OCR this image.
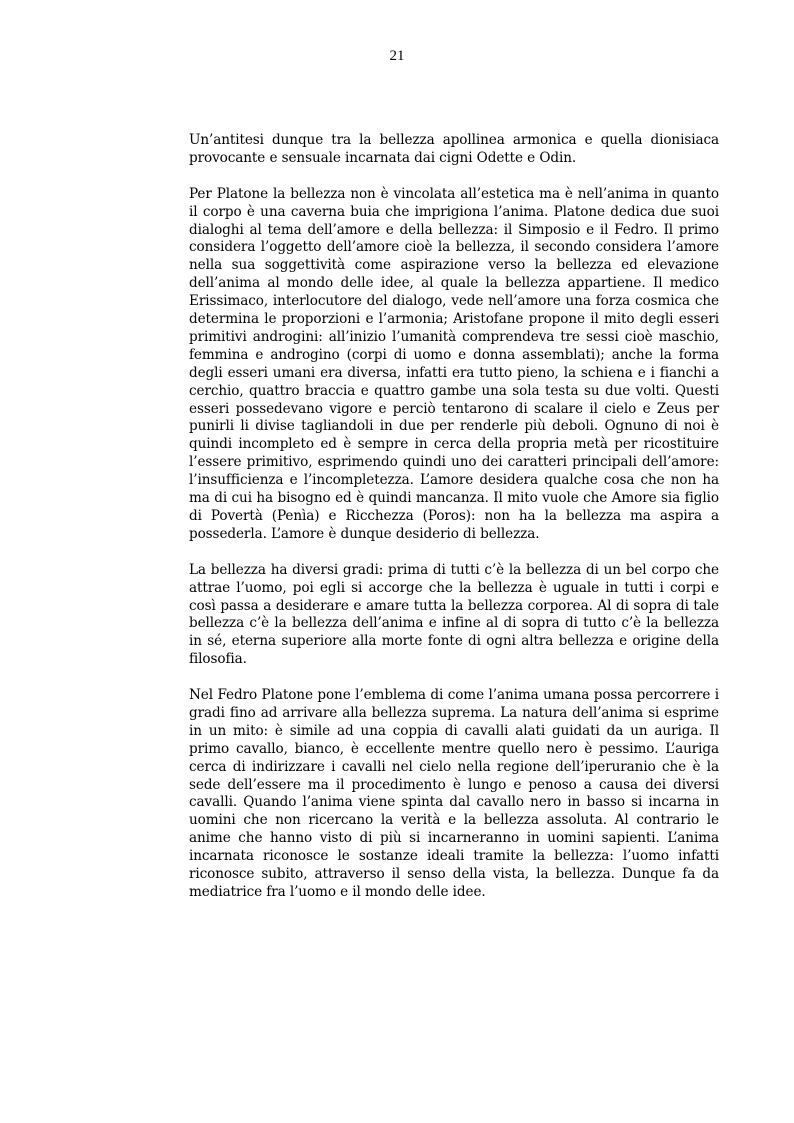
21

Un’antitesi dunque tra la bellezza apollinea armonica e quella dionisiaca provocante e sensuale incarnata dai cigni Odette e Odin.

Per Platone la bellezza non è vincolata all’estetica ma è nell’anima in quanto il corpo è una caverna buia che imprigiona l’anima. Platone dedica due suoi dialoghi al tema dell’amore e della bellezza: il Simposio e il Fedro. Il primo considera l’oggetto dell’amore cioè la bellezza, il secondo considera l’amore nella sua soggettività come aspirazione verso la bellezza ed elevazione dell’anima al mondo delle idee, al quale la bellezza appartiene. Il medico Erissimaco, interlocutore del dialogo, vede nell’amore una forza cosmica che determina le proporzioni e l’armonia; Aristofane propone il mito degli esseri primitivi androgini: all’inizio l’umanità comprendeva tre sessi cioè maschio, femmina e androgino (corpi di uomo e donna assemblati); anche la forma degli esseri umani era diversa, infatti era tutto pieno, la schiena e i fianchi a cerchio, quattro braccia e quattro gambe una sola testa su due volti. Questi esseri possedevano vigore e perciò tentarono di scalare il cielo e Zeus per punirli li divise tagliandoli in due per renderle più deboli. Ognuno di noi è quindi incompleto ed è sempre in cerca della propria metà per ricostituire l’essere primitivo, esprimendo quindi uno dei caratteri principali dell’amore: l’insufficienza e l’incompletezza. L’amore desidera qualche cosa che non ha ma di cui ha bisogno ed è quindi mancanza. Il mito vuole che Amore sia figlio di Povertà (Penìa) e Ricchezza (Poros): non ha la bellezza ma aspira a possederla. L’amore è dunque desiderio di bellezza.

La bellezza ha diversi gradi: prima di tutti c’è la bellezza di un bel corpo che attrae l’uomo, poi egli si accorge che la bellezza è uguale in tutti i corpi e così passa a desiderare e amare tutta la bellezza corporea. Al di sopra di tale bellezza c’è la bellezza dell’anima e infine al di sopra di tutto c’è la bellezza in sé, eterna superiore alla morte fonte di ogni altra bellezza e origine della filosofia.

Nel Fedro Platone pone l’emblema di come l’anima umana possa percorrere i gradi fino ad arrivare alla bellezza suprema. La natura dell’anima si esprime in un mito: è simile ad una coppia di cavalli alati guidati da un auriga. Il primo cavallo, bianco, è eccellente mentre quello nero è pessimo. L’auriga cerca di indirizzare i cavalli nel cielo nella regione dell’iperuranio che è la sede dell’essere ma il procedimento è lungo e penoso a causa dei diversi cavalli. Quando l’anima viene spinta dal cavallo nero in basso si incarna in uomini che non ricercano la verità e la bellezza assoluta. Al contrario le anime che hanno visto di più si incarneranno in uomini sapienti. L’anima incarnata riconosce le sostanze ideali tramite la bellezza: l’uomo infatti riconosce subito, attraverso il senso della vista, la bellezza. Dunque fa da mediatrice fra l’uomo e il mondo delle idee.
